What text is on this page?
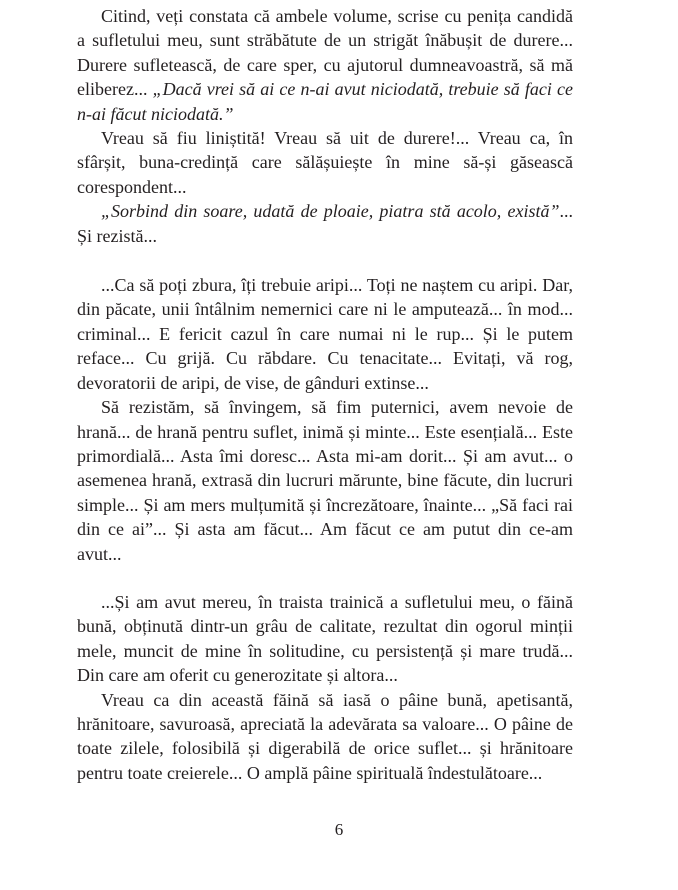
Citind, veți constata că ambele volume, scrise cu penița candidă a sufletului meu, sunt străbătute de un strigăt înăbușit de durere... Durere sufletească, de care sper, cu ajutorul dumneavoastră, să mă eliberez... „Dacă vrei să ai ce n-ai avut niciodată, trebuie să faci ce n-ai făcut niciodată.”

Vreau să fiu liniștită! Vreau să uit de durere!... Vreau ca, în sfârșit, buna-credință care sălășuiește în mine să-și găsească corespondent...

„Sorbind din soare, udată de ploaie, piatra stă acolo, există”... Și rezistă...

...Ca să poți zbura, îți trebuie aripi... Toți ne naștem cu aripi. Dar, din păcate, unii întâlnim nemernici care ni le amputează... în mod... criminal... E fericit cazul în care numai ni le rup... Și le putem reface... Cu grijă. Cu răbdare. Cu tenacitate... Evitați, vă rog, devoratorii de aripi, de vise, de gânduri extinse...

Să rezistăm, să învingem, să fim puternici, avem nevoie de hrană... de hrană pentru suflet, inimă și minte... Este esențială... Este primordială... Asta îmi doresc... Asta mi-am dorit... Și am avut... o asemenea hrană, extrasă din lucruri mărunte, bine făcute, din lucruri simple... Și am mers mulțumită și încrezătoare, înainte... „Să faci rai din ce ai”... Și asta am făcut... Am făcut ce am putut din ce-am avut...

...Și am avut mereu, în traista trainică a sufletului meu, o făină bună, obținută dintr-un grâu de calitate, rezultat din ogorul minții mele, muncit de mine în solitudine, cu persistență și mare trudă... Din care am oferit cu generozitate și altora...

Vreau ca din această făină să iasă o pâine bună, apetisantă, hrănitoare, savuroasă, apreciată la adevărata sa valoare... O pâine de toate zilele, folosibilă și digerabilă de orice suflet... și hrănitoare pentru toate creierele... O amplă pâine spirituală îndestulătoare...

6
